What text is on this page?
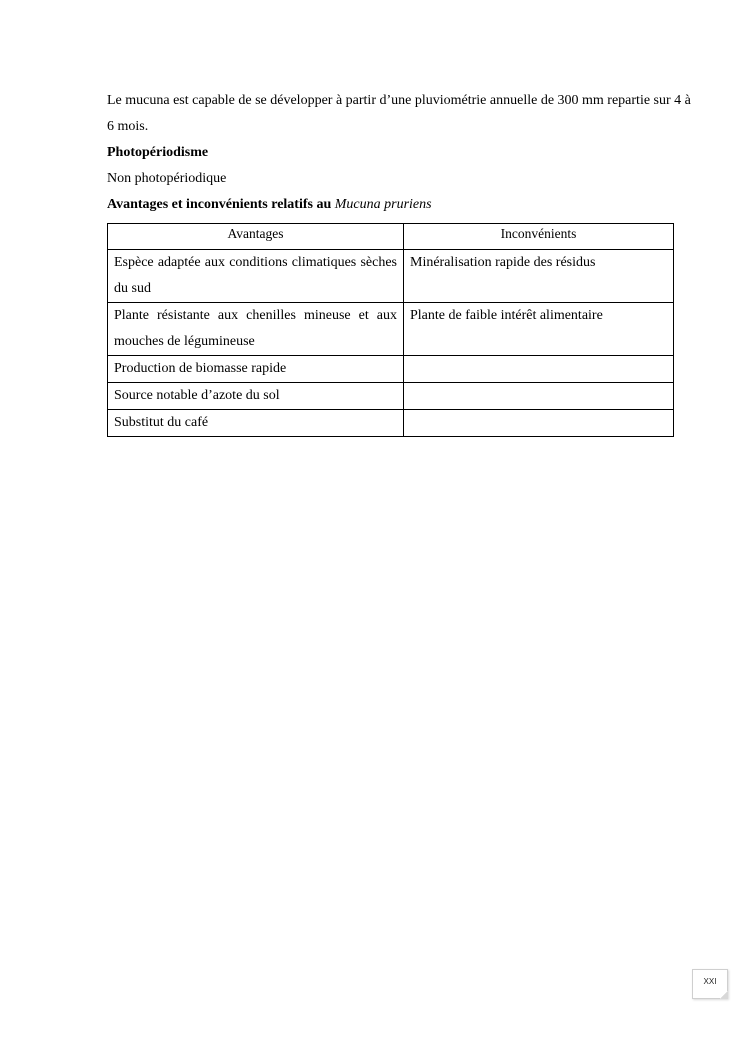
Le mucuna est capable de se développer à partir d’une pluviométrie annuelle de 300 mm repartie sur 4 à 6 mois.

Photopériodisme

Non photopériodique

Avantages et inconvénients relatifs au Mucuna pruriens

Avantages	Inconvénients
Espèce adaptée aux conditions climatiques sèches du sud	Minéralisation rapide des résidus
Plante résistante aux chenilles mineuse et aux mouches de légumineuse	Plante de faible intérêt alimentaire
Production de biomasse rapide	
Source notable d’azote du sol	
Substitut du café	
XXI
